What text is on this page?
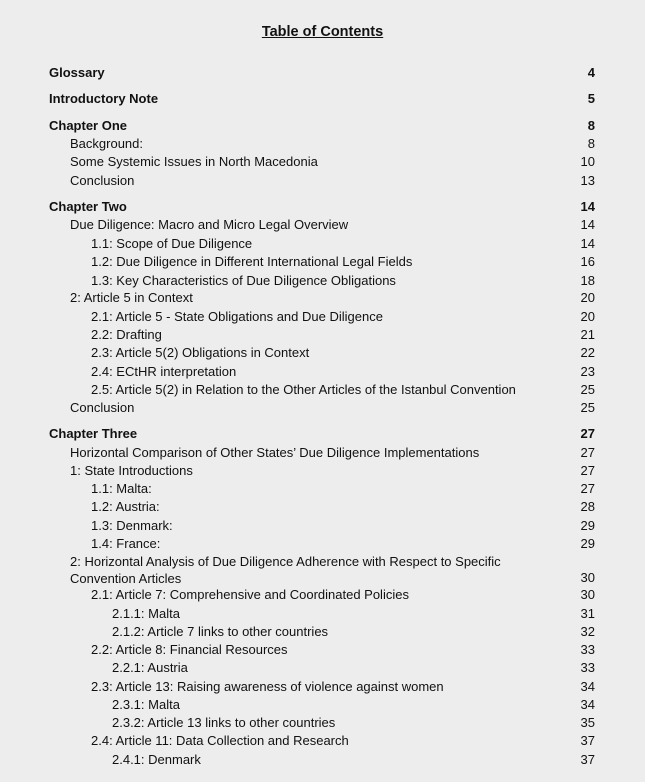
Table of Contents
Glossary	4
Introductory Note	5
Chapter One	8
Background:	8
Some Systemic Issues in North Macedonia	10
Conclusion	13
Chapter Two	14
Due Diligence: Macro and Micro Legal Overview	14
1.1: Scope of Due Diligence	14
1.2: Due Diligence in Different International Legal Fields	16
1.3: Key Characteristics of Due Diligence Obligations	18
2: Article 5 in Context	20
2.1: Article 5 - State Obligations and Due Diligence	20
2.2: Drafting	21
2.3: Article 5(2) Obligations in Context	22
2.4: ECtHR interpretation	23
2.5: Article 5(2) in Relation to the Other Articles of the Istanbul Convention	25
Conclusion	25
Chapter Three	27
Horizontal Comparison of Other States’ Due Diligence Implementations	27
1: State Introductions	27
1.1: Malta:	27
1.2: Austria:	28
1.3: Denmark:	29
1.4: France:	29
2: Horizontal Analysis of Due Diligence Adherence with Respect to Specific Convention Articles	30
2.1: Article 7: Comprehensive and Coordinated Policies	30
2.1.1: Malta	31
2.1.2: Article 7 links to other countries	32
2.2: Article 8: Financial Resources	33
2.2.1: Austria	33
2.3: Article 13: Raising awareness of violence against women	34
2.3.1: Malta	34
2.3.2: Article 13 links to other countries	35
2.4: Article 11: Data Collection and Research	37
2.4.1: Denmark	37
